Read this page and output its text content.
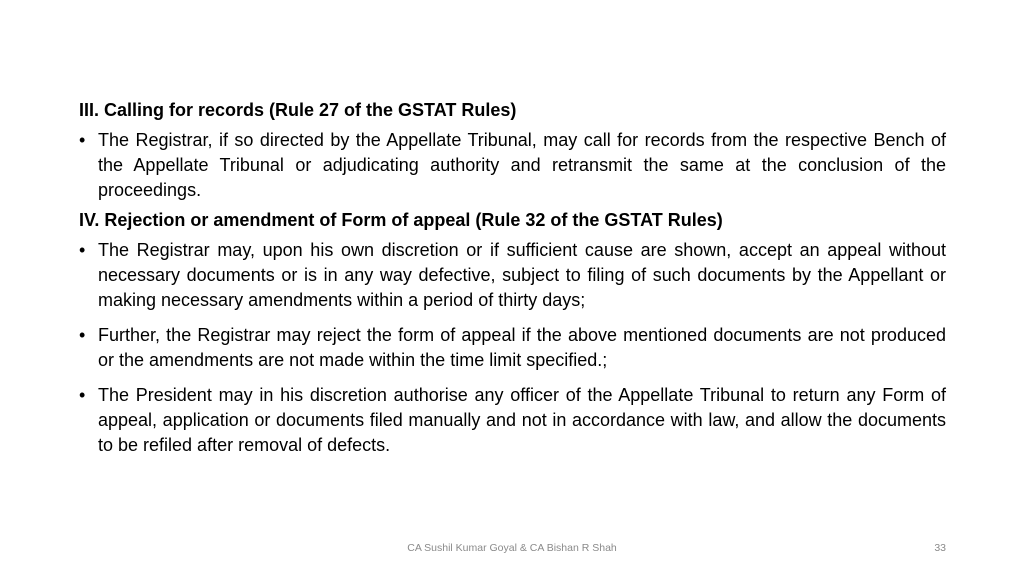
III. Calling for records (Rule 27 of the GSTAT Rules)
• The Registrar, if so directed by the Appellate Tribunal, may call for records from the respective Bench of the Appellate Tribunal or adjudicating authority and retransmit the same at the conclusion of the proceedings.
IV. Rejection or amendment of Form of appeal (Rule 32 of the GSTAT Rules)
• The Registrar may, upon his own discretion or if sufficient cause are shown, accept an appeal without necessary documents or is in any way defective, subject to filing of such documents by the Appellant or making necessary amendments within a period of thirty days;
• Further, the Registrar may reject the form of appeal if the above mentioned documents are not produced or the amendments are not made within the time limit specified.;
• The President may in his discretion authorise any officer of the Appellate Tribunal to return any Form of appeal, application or documents filed manually and not in accordance with law, and allow the documents to be refiled after removal of defects.
CA Sushil Kumar Goyal & CA Bishan R Shah	33
